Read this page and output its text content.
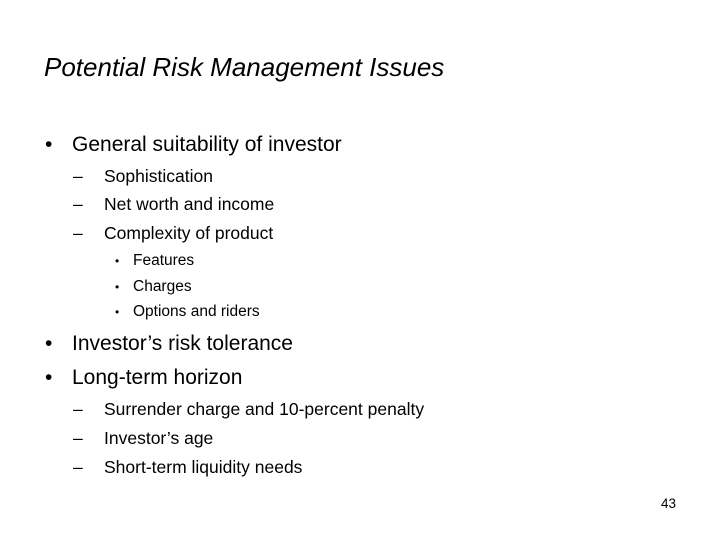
Potential Risk Management Issues
• General suitability of investor
– Sophistication
– Net worth and income
– Complexity of product
• Features
• Charges
• Options and riders
• Investor’s risk tolerance
• Long-term horizon
– Surrender charge and 10-percent penalty
– Investor’s age
– Short-term liquidity needs
43
